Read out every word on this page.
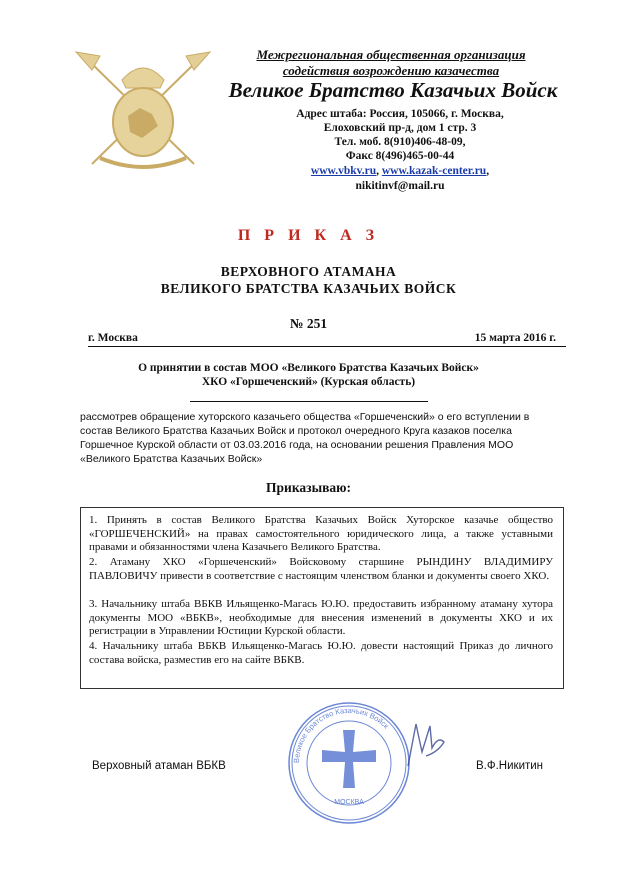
Межрегиональная общественная организация
содействия возрождению казачества
Великое Братство Казачьих Войск
Адрес штаба: Россия, 105066, г. Москва,
Елоховский пр-д, дом 1 стр. 3
Тел. моб. 8(910)406-48-09,
Факс 8(496)465-00-44
www.vbkv.ru, www.kazak-center.ru,
nikitinvf@mail.ru
П Р И К А З
ВЕРХОВНОГО АТАМАНА
ВЕЛИКОГО БРАТСТВА КАЗАЧЬИХ ВОЙСК
№ 251
г. Москва	15 марта 2016 г.
О принятии в состав МОО «Великого Братства Казачьих Войск»
ХКО «Горшеченский» (Курская область)
рассмотрев обращение хуторского казачьего общества «Горшеченский» о его вступлении в состав Великого Братства Казачьих Войск и протокол очередного Круга казаков поселка Горшечное Курской области от 03.03.2016 года, на основании решения Правления МОО «Великого Братства Казачьих Войск»
Приказываю:
1. Принять в состав Великого Братства Казачьих Войск Хуторское казачье общество «ГОРШЕЧЕНСКИЙ» на правах самостоятельного юридического лица, а также уставными правами и обязанностями члена Казачьего Великого Братства.
2. Атаману ХКО «Горшеченский» Войсковому старшине РЫНДИНУ ВЛАДИМИРУ ПАВЛОВИЧУ привести в соответствие с настоящим членством бланки и документы своего ХКО.
3. Начальнику штаба ВБКВ Ильященко-Магась Ю.Ю. предоставить избранному атаману хутора документы МОО «ВБКВ», необходимые для внесения изменений в документы ХКО и их регистрации в Управлении Юстиции Курской области.
4. Начальнику штаба ВБКВ Ильященко-Магась Ю.Ю. довести настоящий Приказ до личного состава войска, разместив его на сайте ВБКВ.
Верховный атаман ВБКВ	Великое Братство Казачьих Войск
МОСКВА
В.Ф.Никитин
